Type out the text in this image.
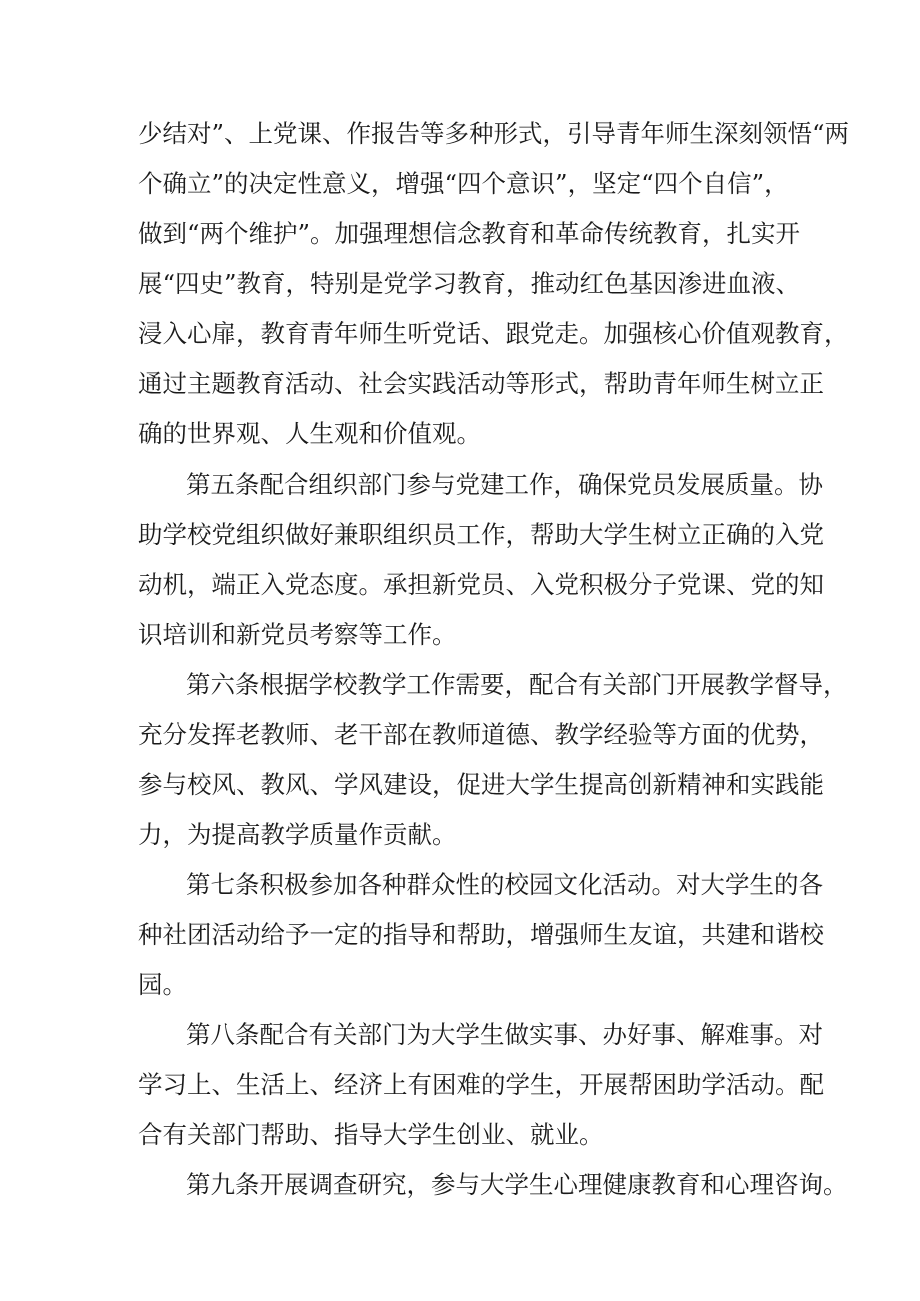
少结对”、上党课、作报告等多种形式，引导青年师生深刻领悟“两
个确立”的决定性意义，增强“四个意识”，坚定“四个自信”，
做到“两个维护”。加强理想信念教育和革命传统教育，扎实开
展“四史”教育，特别是党学习教育，推动红色基因渗进血液、
浸入心扉，教育青年师生听党话、跟党走。加强核心价值观教育，
通过主题教育活动、社会实践活动等形式，帮助青年师生树立正
确的世界观、人生观和价值观。
第五条配合组织部门参与党建工作，确保党员发展质量。协
助学校党组织做好兼职组织员工作，帮助大学生树立正确的入党
动机，端正入党态度。承担新党员、入党积极分子党课、党的知
识培训和新党员考察等工作。
第六条根据学校教学工作需要，配合有关部门开展教学督导，
充分发挥老教师、老干部在教师道德、教学经验等方面的优势，
参与校风、教风、学风建设，促进大学生提高创新精神和实践能
力，为提高教学质量作贡献。
第七条积极参加各种群众性的校园文化活动。对大学生的各
种社团活动给予一定的指导和帮助，增强师生友谊，共建和谐校
园。
第八条配合有关部门为大学生做实事、办好事、解难事。对
学习上、生活上、经济上有困难的学生，开展帮困助学活动。配
合有关部门帮助、指导大学生创业、就业。
第九条开展调查研究，参与大学生心理健康教育和心理咨询。
